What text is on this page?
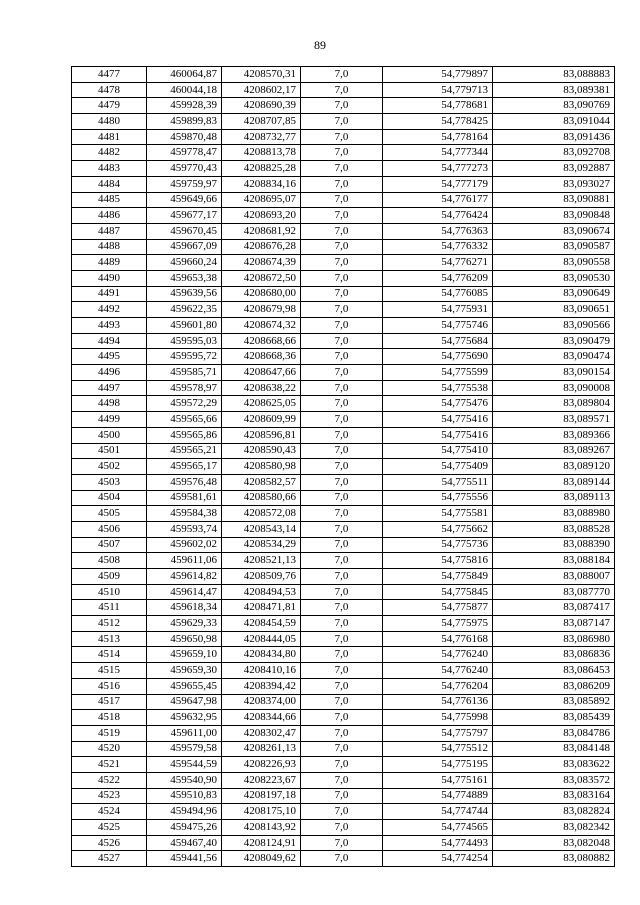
89
4477	460064,87	4208570,31	7,0	54,779897	83,088883
4478	460044,18	4208602,17	7,0	54,779713	83,089381
4479	459928,39	4208690,39	7,0	54,778681	83,090769
4480	459899,83	4208707,85	7,0	54,778425	83,091044
4481	459870,48	4208732,77	7,0	54,778164	83,091436
4482	459778,47	4208813,78	7,0	54,777344	83,092708
4483	459770,43	4208825,28	7,0	54,777273	83,092887
4484	459759,97	4208834,16	7,0	54,777179	83,093027
4485	459649,66	4208695,07	7,0	54,776177	83,090881
4486	459677,17	4208693,20	7,0	54,776424	83,090848
4487	459670,45	4208681,92	7,0	54,776363	83,090674
4488	459667,09	4208676,28	7,0	54,776332	83,090587
4489	459660,24	4208674,39	7,0	54,776271	83,090558
4490	459653,38	4208672,50	7,0	54,776209	83,090530
4491	459639,56	4208680,00	7,0	54,776085	83,090649
4492	459622,35	4208679,98	7,0	54,775931	83,090651
4493	459601,80	4208674,32	7,0	54,775746	83,090566
4494	459595,03	4208668,66	7,0	54,775684	83,090479
4495	459595,72	4208668,36	7,0	54,775690	83,090474
4496	459585,71	4208647,66	7,0	54,775599	83,090154
4497	459578,97	4208638,22	7,0	54,775538	83,090008
4498	459572,29	4208625,05	7,0	54,775476	83,089804
4499	459565,66	4208609,99	7,0	54,775416	83,089571
4500	459565,86	4208596,81	7,0	54,775416	83,089366
4501	459565,21	4208590,43	7,0	54,775410	83,089267
4502	459565,17	4208580,98	7,0	54,775409	83,089120
4503	459576,48	4208582,57	7,0	54,775511	83,089144
4504	459581,61	4208580,66	7,0	54,775556	83,089113
4505	459584,38	4208572,08	7,0	54,775581	83,088980
4506	459593,74	4208543,14	7,0	54,775662	83,088528
4507	459602,02	4208534,29	7,0	54,775736	83,088390
4508	459611,06	4208521,13	7,0	54,775816	83,088184
4509	459614,82	4208509,76	7,0	54,775849	83,088007
4510	459614,47	4208494,53	7,0	54,775845	83,087770
4511	459618,34	4208471,81	7,0	54,775877	83,087417
4512	459629,33	4208454,59	7,0	54,775975	83,087147
4513	459650,98	4208444,05	7,0	54,776168	83,086980
4514	459659,10	4208434,80	7,0	54,776240	83,086836
4515	459659,30	4208410,16	7,0	54,776240	83,086453
4516	459655,45	4208394,42	7,0	54,776204	83,086209
4517	459647,98	4208374,00	7,0	54,776136	83,085892
4518	459632,95	4208344,66	7,0	54,775998	83,085439
4519	459611,00	4208302,47	7,0	54,775797	83,084786
4520	459579,58	4208261,13	7,0	54,775512	83,084148
4521	459544,59	4208226,93	7,0	54,775195	83,083622
4522	459540,90	4208223,67	7,0	54,775161	83,083572
4523	459510,83	4208197,18	7,0	54,774889	83,083164
4524	459494,96	4208175,10	7,0	54,774744	83,082824
4525	459475,26	4208143,92	7,0	54,774565	83,082342
4526	459467,40	4208124,91	7,0	54,774493	83,082048
4527	459441,56	4208049,62	7,0	54,774254	83,080882
